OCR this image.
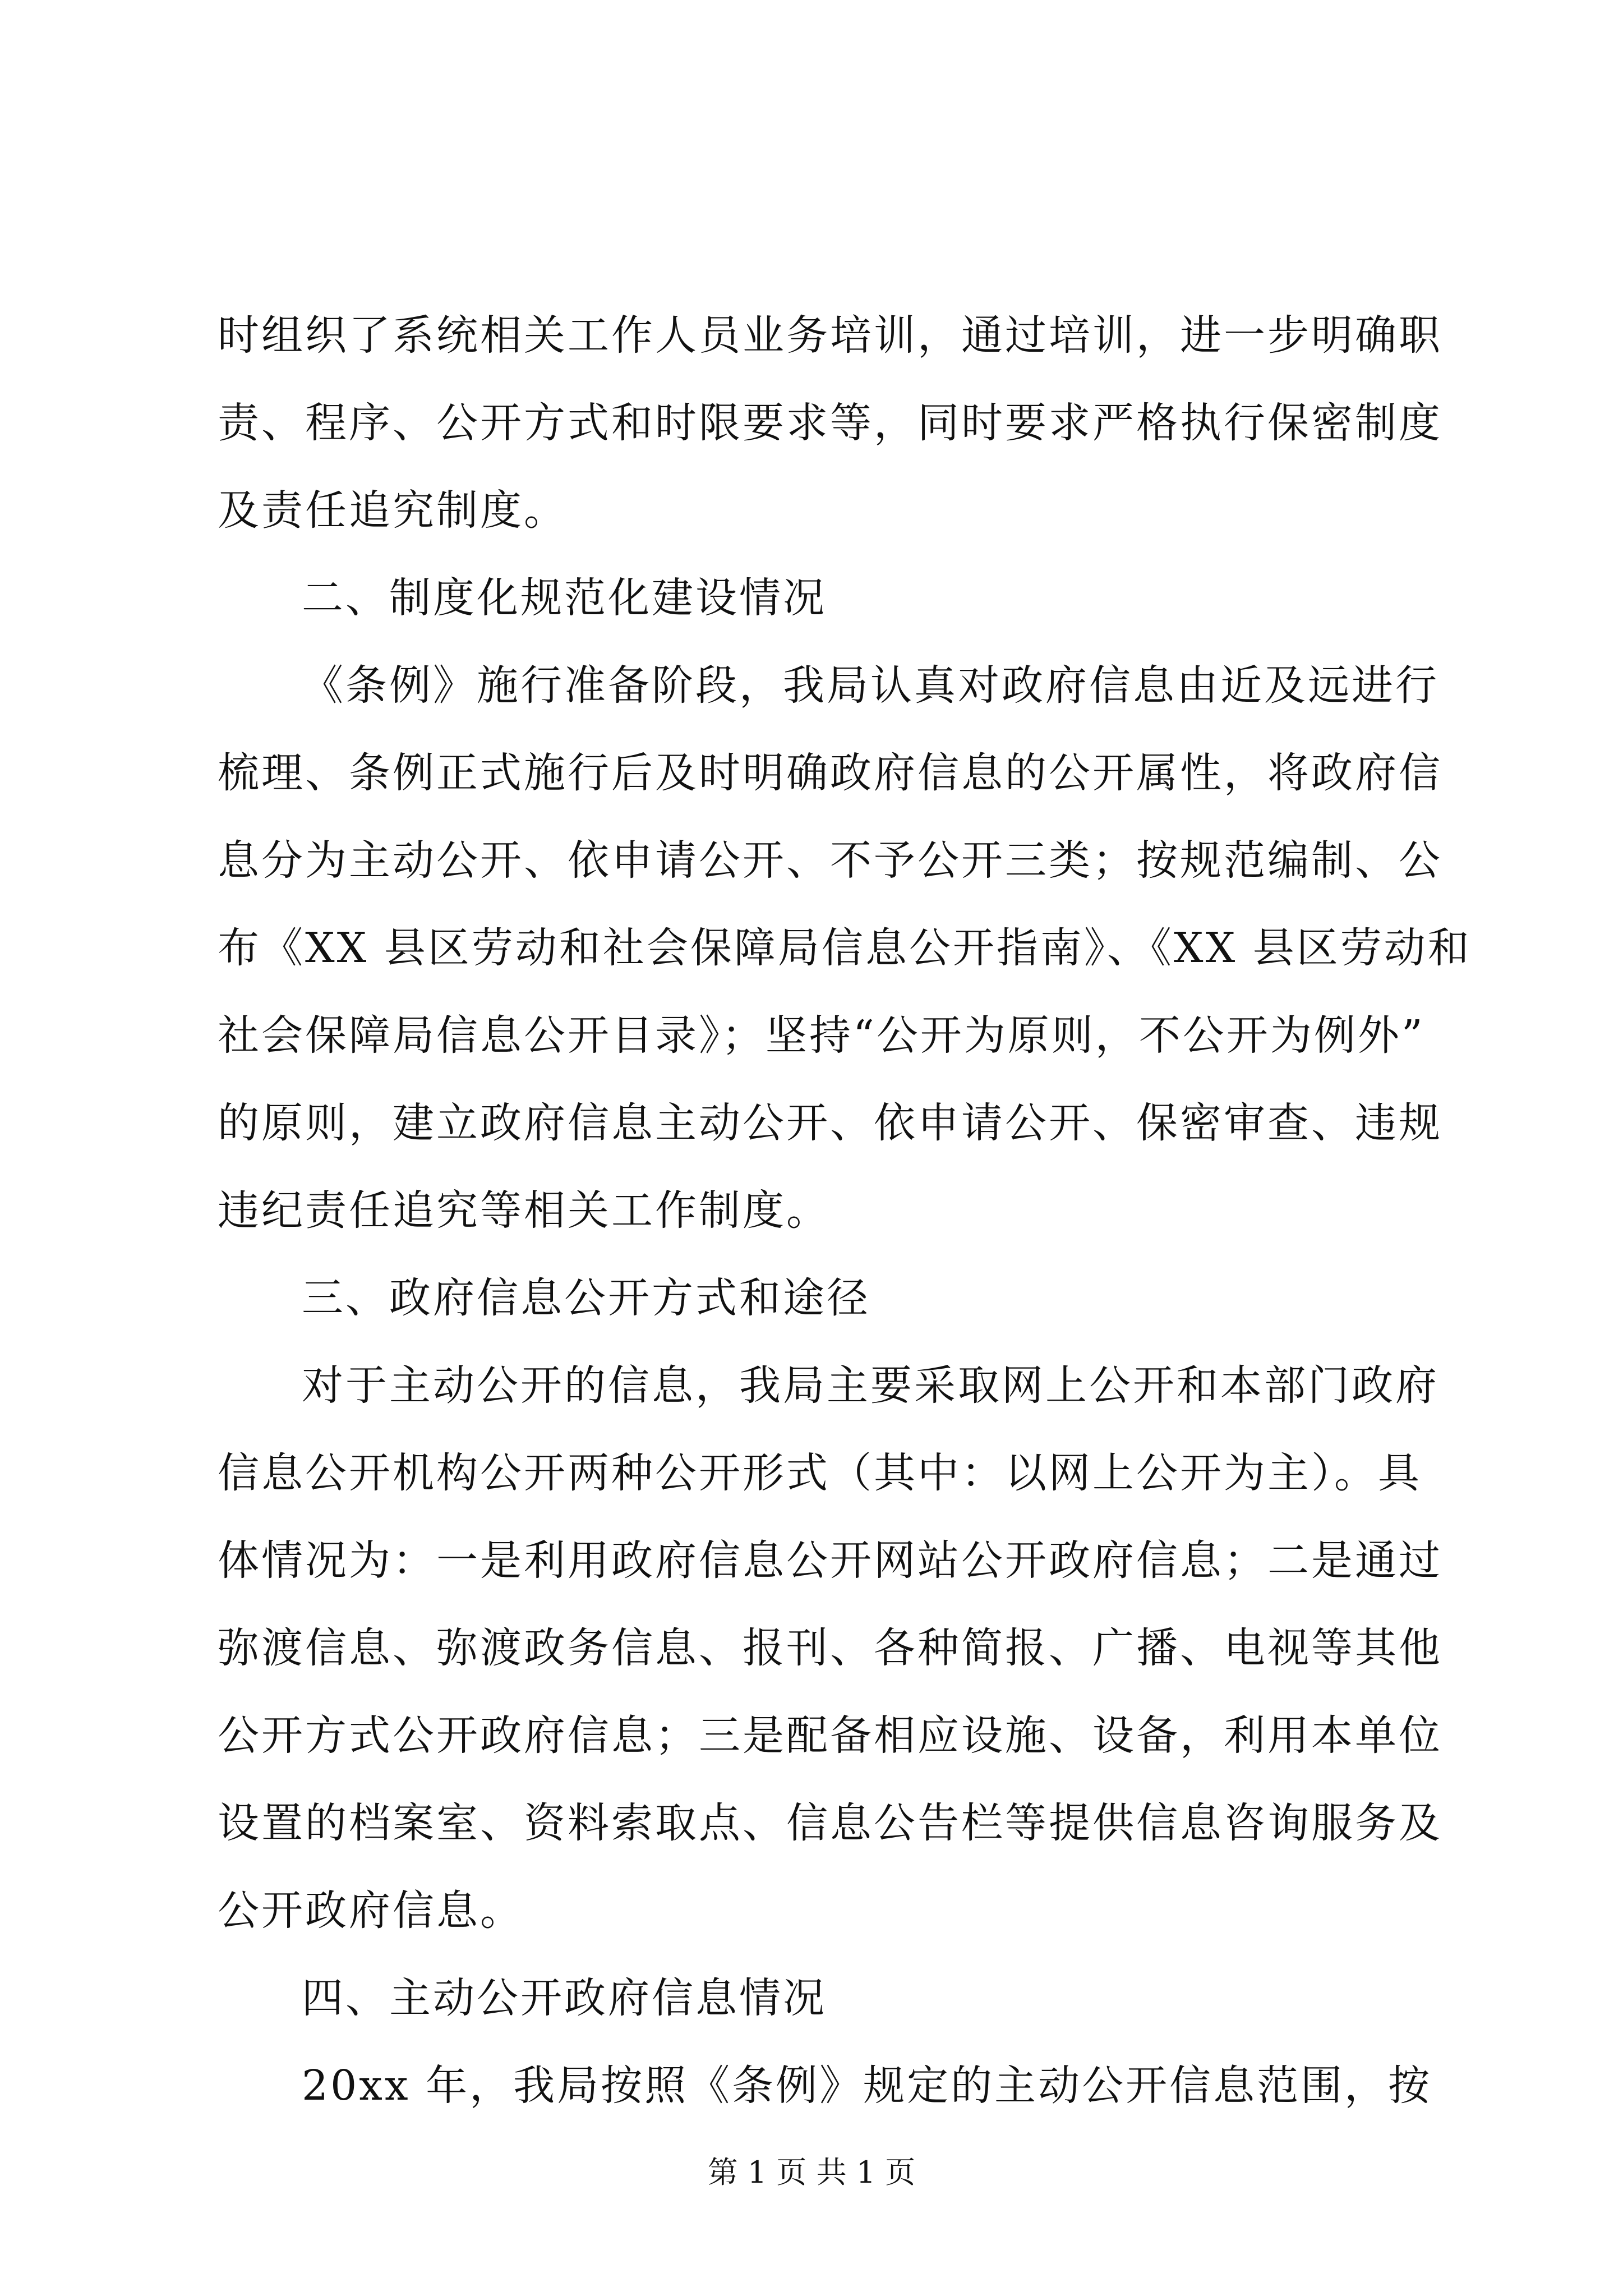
时组织了系统相关工作人员业务培训，通过培训，进一步明确职
责、程序、公开方式和时限要求等，同时要求严格执行保密制度
及责任追究制度。
二、制度化规范化建设情况
《条例》施行准备阶段，我局认真对政府信息由近及远进行
梳理、条例正式施行后及时明确政府信息的公开属性，将政府信
息分为主动公开、依申请公开、不予公开三类；按规范编制、公
布《XX 县区劳动和社会保障局信息公开指南》、《XX 县区劳动和
社会保障局信息公开目录》；坚持“公开为原则，不公开为例外”
的原则，建立政府信息主动公开、依申请公开、保密审查、违规
违纪责任追究等相关工作制度。
三、政府信息公开方式和途径
对于主动公开的信息，我局主要采取网上公开和本部门政府
信息公开机构公开两种公开形式（其中：以网上公开为主）。具
体情况为：一是利用政府信息公开网站公开政府信息；二是通过
弥渡信息、弥渡政务信息、报刊、各种简报、广播、电视等其他
公开方式公开政府信息；三是配备相应设施、设备，利用本单位
设置的档案室、资料索取点、信息公告栏等提供信息咨询服务及
公开政府信息。
四、主动公开政府信息情况
20xx 年，我局按照《条例》规定的主动公开信息范围，按
第 1 页 共 1 页
